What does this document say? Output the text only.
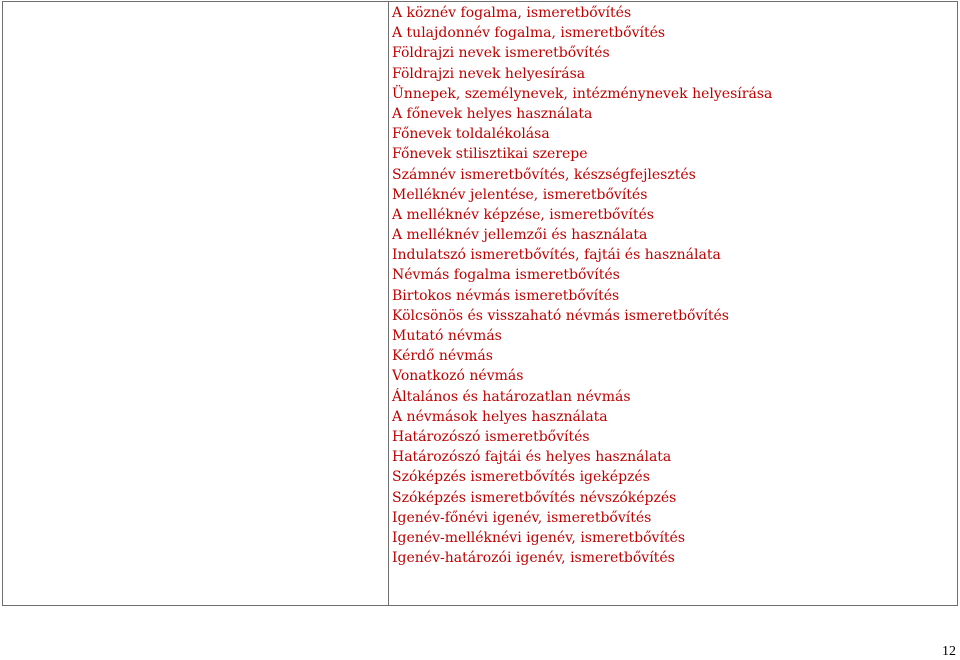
A köznév fogalma, ismeretbővítés
A tulajdonnév fogalma, ismeretbővítés
Földrajzi nevek ismeretbővítés
Földrajzi nevek helyesírása
Ünnepek, személynevek, intézménynevek helyesírása
A főnevek helyes használata
Főnevek toldalékolása
Főnevek stilisztikai szerepe
Számnév ismeretbővítés, készségfejlesztés
Melléknév jelentése, ismeretbővítés
A melléknév képzése, ismeretbővítés
A melléknév jellemzői és használata
Indulatszó ismeretbővítés, fajtái és használata
Névmás fogalma ismeretbővítés
Birtokos névmás ismeretbővítés
Kölcsönös és visszaható névmás ismeretbővítés
Mutató névmás
Kérdő névmás
Vonatkozó névmás
Általános és határozatlan névmás
A névmások helyes használata
Határozószó ismeretbővítés
Határozószó fajtái és helyes használata
Szóképzés ismeretbővítés igeképzés
Szóképzés ismeretbővítés névszóképzés
Igenév-főnévi igenév, ismeretbővítés
Igenév-melléknévi igenév, ismeretbővítés
Igenév-határozói igenév, ismeretbővítés
12
